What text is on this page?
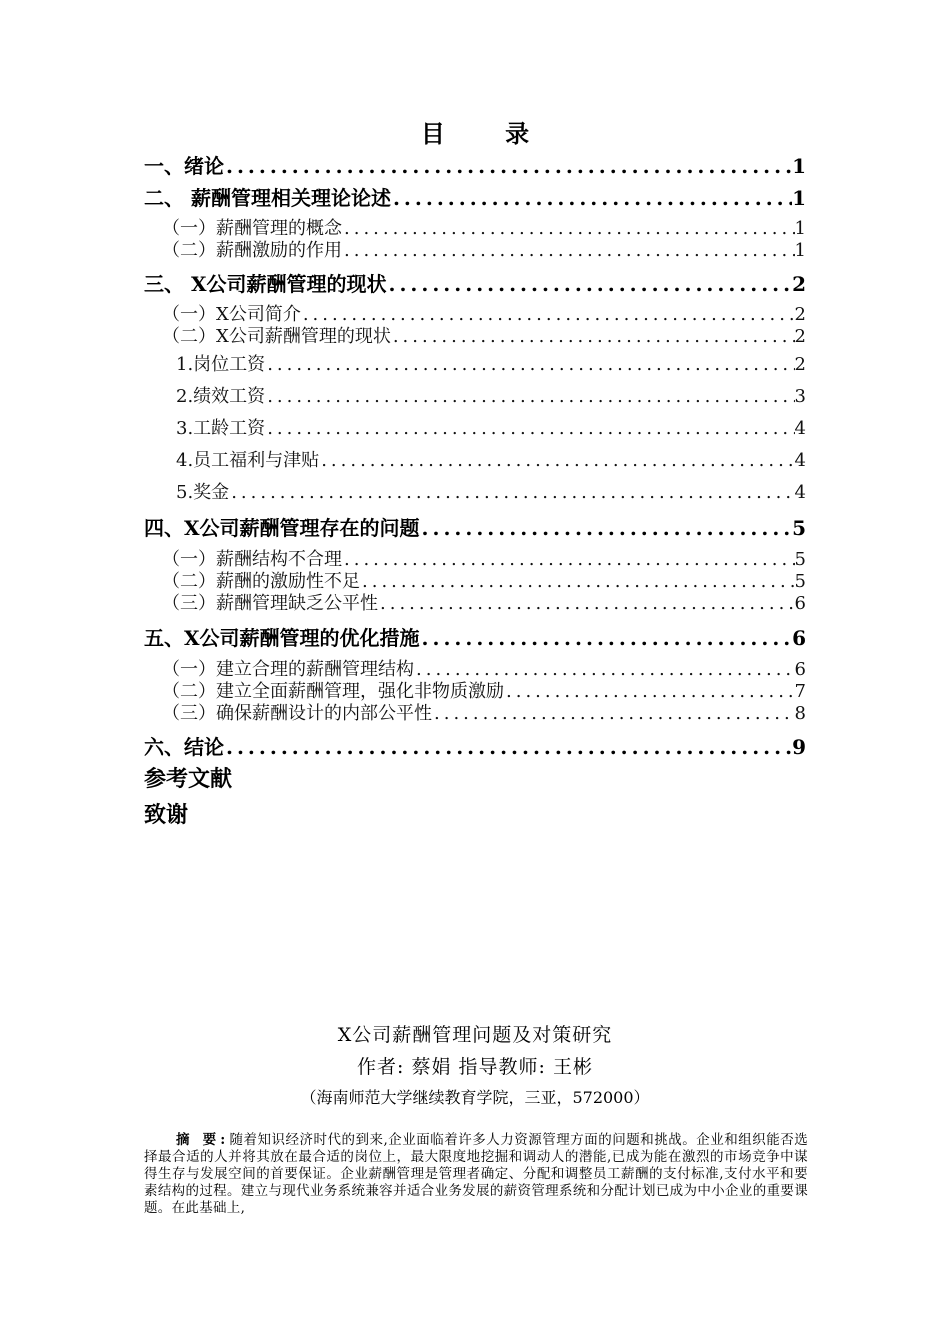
目 录
一、绪论 .....	1
二、 薪酬管理相关理论论述 .....	1
（一）薪酬管理的概念 .....	1
（二）薪酬激励的作用 .....	1
三、 X公司薪酬管理的现状 .....	2
（一）X公司简介 .....	2
（二）X公司薪酬管理的现状 .....	2
1.岗位工资 .....	2
2.绩效工资 .....	3
3.工龄工资 .....	4
4.员工福利与津贴 .....	4
5.奖金 .....	4
四、X公司薪酬管理存在的问题 .....	5
（一）薪酬结构不合理 .....	5
（二）薪酬的激励性不足 .....	5
（三）薪酬管理缺乏公平性 .....	6
五、X公司薪酬管理的优化措施 .....	6
（一）建立合理的薪酬管理结构 .....	6
（二）建立全面薪酬管理，强化非物质激励 .....	7
（三）确保薪酬设计的内部公平性 .....	8
六、结论 .....	9
参考文献
致谢
X公司薪酬管理问题及对策研究
作者: 蔡娟 指导教师: 王彬
（海南师范大学继续教育学院，三亚，572000）
摘 要:随着知识经济时代的到来,企业面临着许多人力资源管理方面的问题和挑战。企业和组织能否选择最合适的人并将其放在最合适的岗位上，最大限度地挖掘和调动人的潜能,已成为能在激烈的市场竞争中谋得生存与发展空间的首要保证。企业薪酬管理是管理者确定、分配和调整员工薪酬的支付标准,支付水平和要素结构的过程。建立与现代业务系统兼容并适合业务发展的薪资管理系统和分配计划已成为中小企业的重要课题。在此基础上,
